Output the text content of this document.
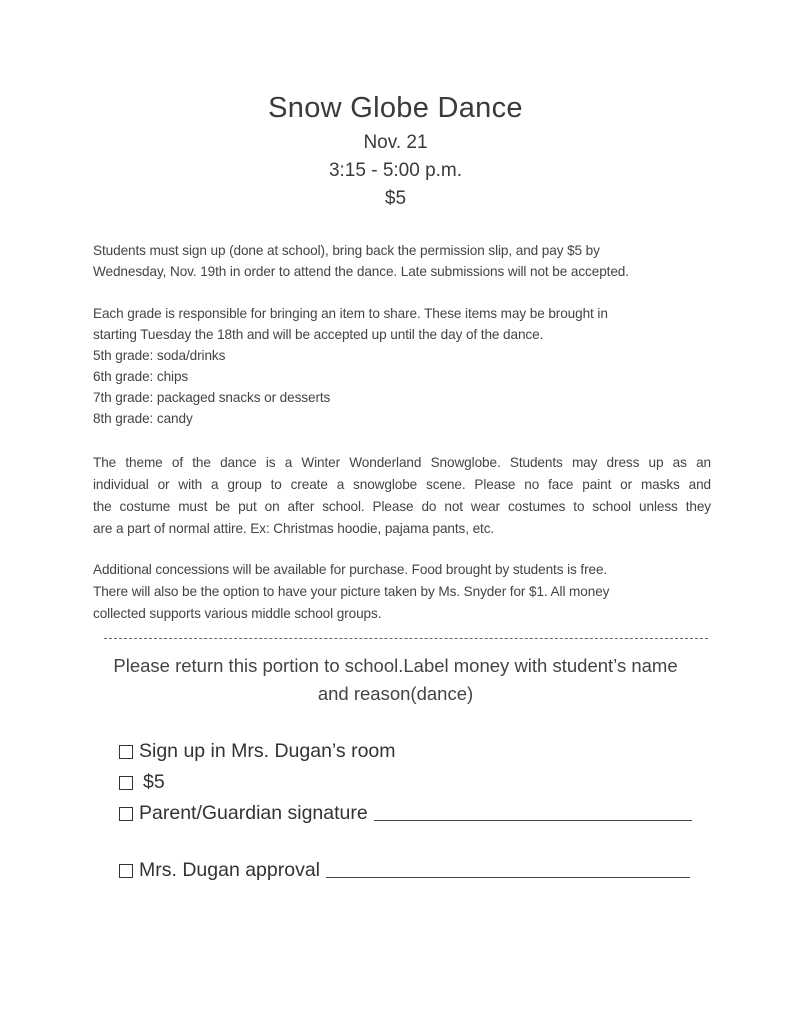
Snow Globe Dance
Nov. 21
3:15 - 5:00 p.m.
$5
Students must sign up (done at school), bring back the permission slip, and pay $5 by
Wednesday, Nov. 19th in order to attend the dance. Late submissions will not be accepted.
Each grade is responsible for bringing an item to share. These items may be brought in
starting Tuesday the 18th and will be accepted up until the day of the dance.
5th grade: soda/drinks
6th grade: chips
7th grade: packaged snacks or desserts
8th grade: candy
The theme of the dance is a Winter Wonderland Snowglobe. Students may dress up as an
individual or with a group to create a snowglobe scene. Please no face paint or masks and
the costume must be put on after school. Please do not wear costumes to school unless they
are a part of normal attire. Ex: Christmas hoodie, pajama pants, etc.
Additional concessions will be available for purchase. Food brought by students is free.
There will also be the option to have your picture taken by Ms. Snyder for $1. All money
collected supports various middle school groups.
Please return this portion to school.Label money with student’s name
and reason(dance)
Sign up in Mrs. Dugan’s room
$5
Parent/Guardian signature
Mrs. Dugan approval
